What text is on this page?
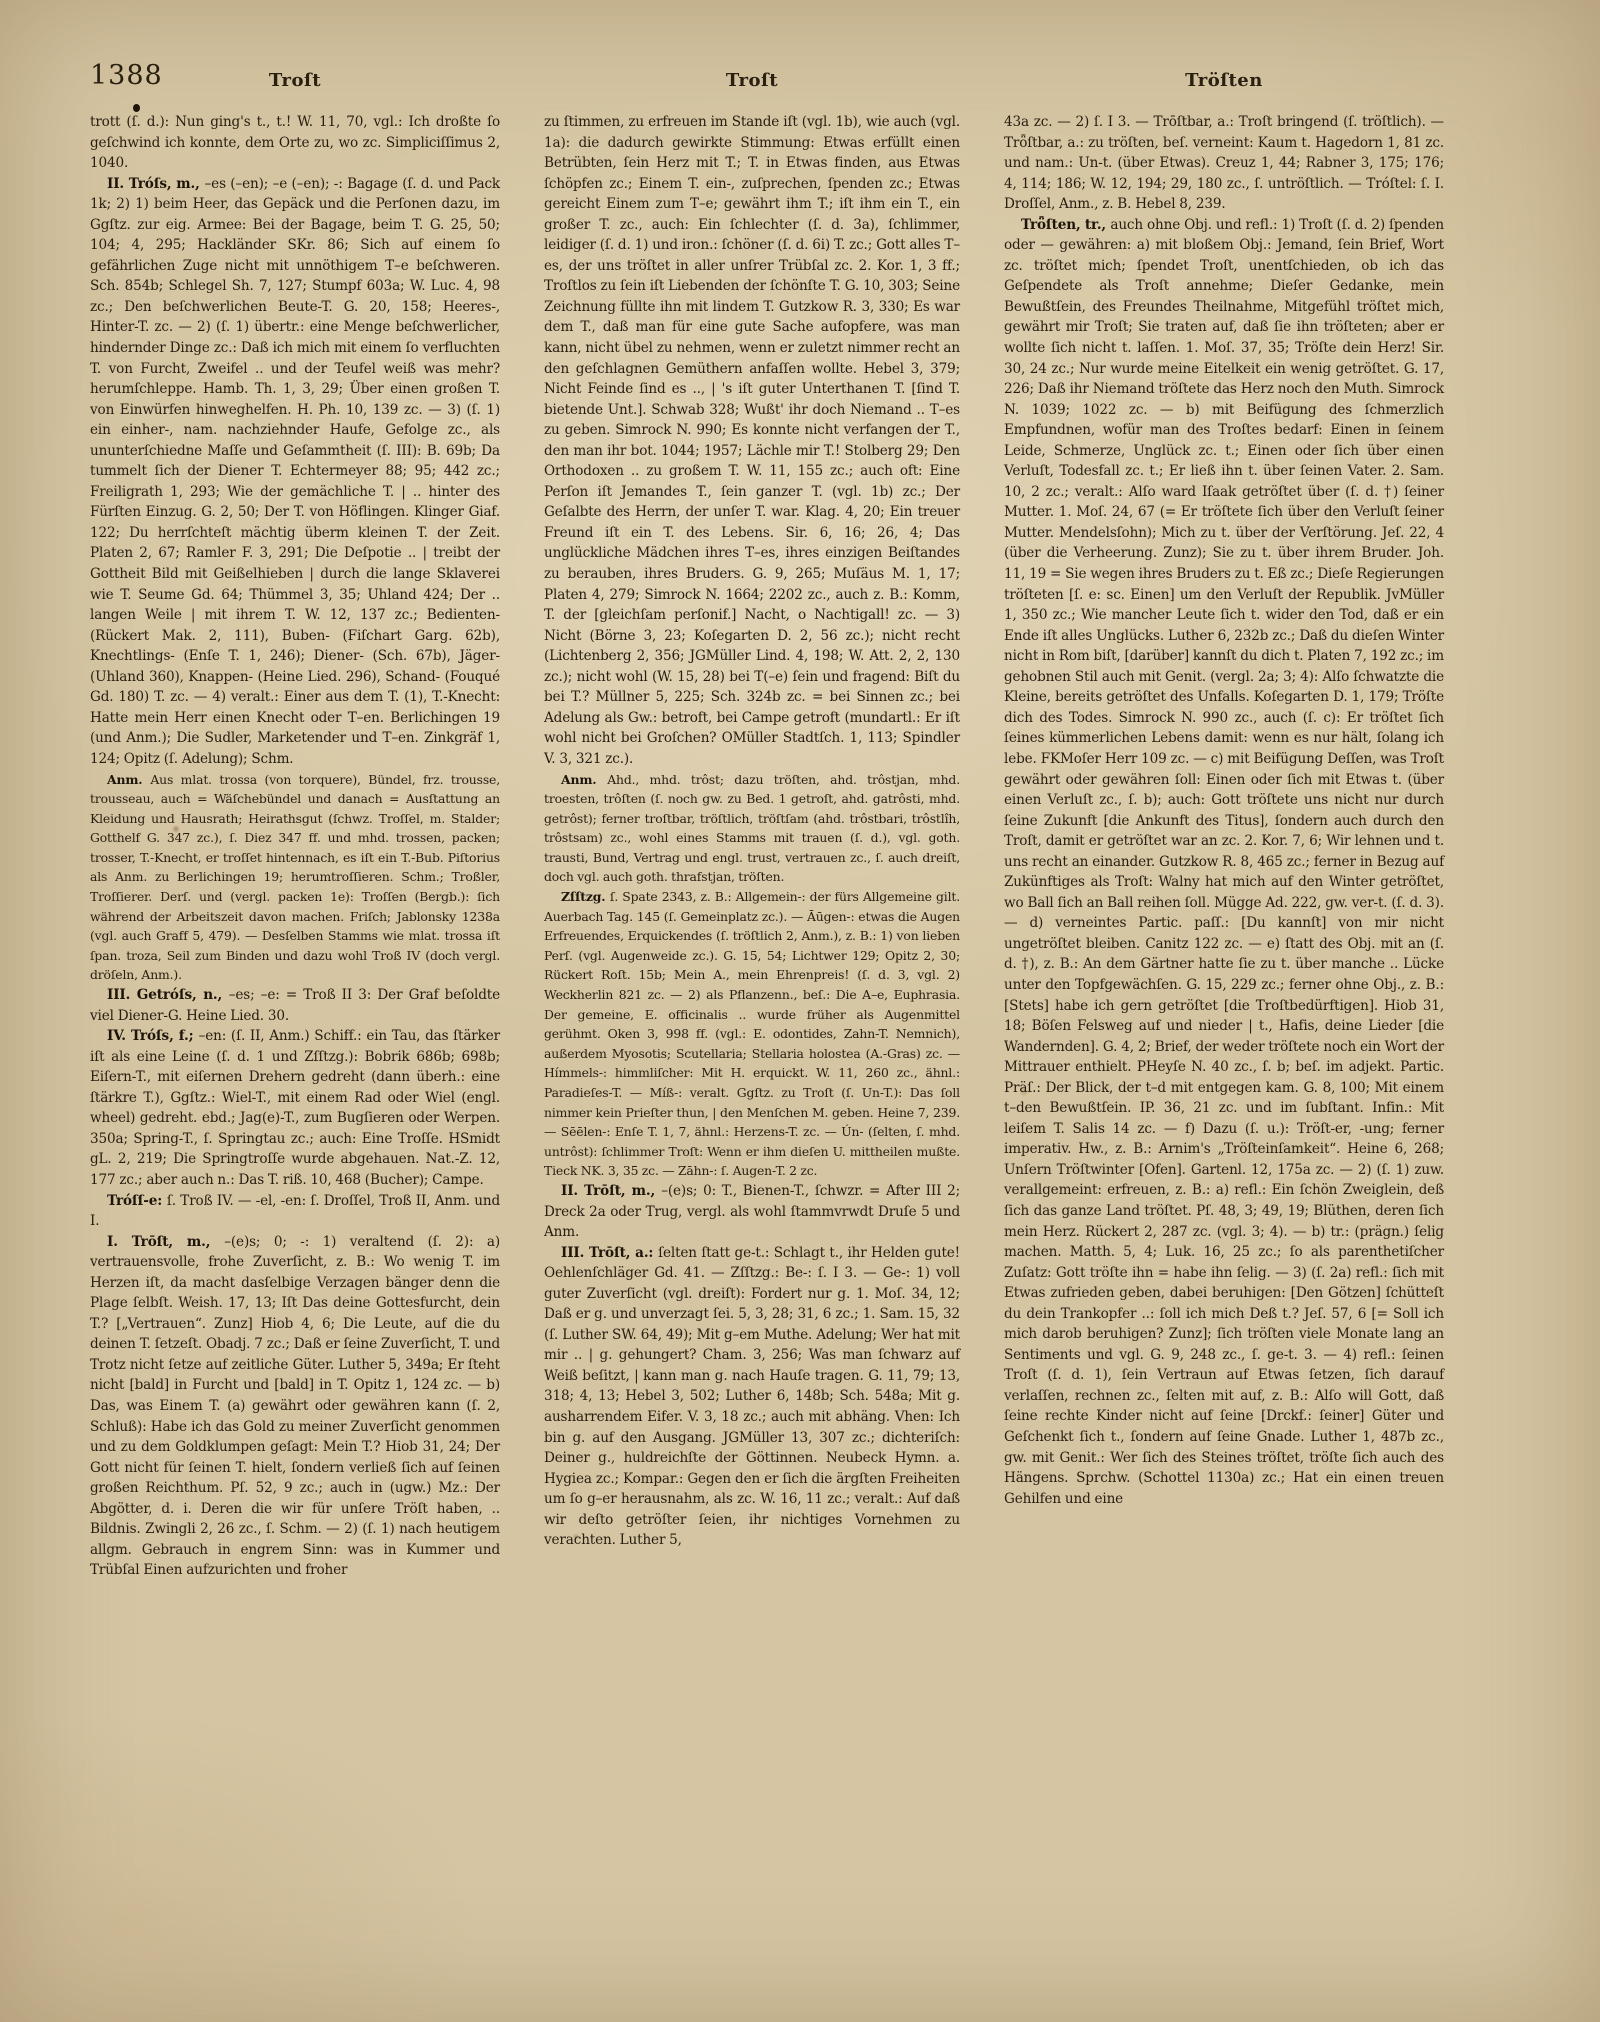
1388	Troſt	Troſt	Tröſten

trott (ſ. d.): Nun ging's t., t.! W. 11, 70, vgl.: Ich droßte ſo geſchwind ich konnte, dem Orte zu, wo zc. Simpliciſſimus 2, 1040.

II. Tróſs, m., –es (–en); –e (–en); -: Bagage (ſ. d. und Pack 1k; 2) 1) beim Heer, das Gepäck und die Perſonen dazu, im Ggſtz. zur eig. Armee: Bei der Bagage, beim T. G. 25, 50; 104; 4, 295; Hackländer SKr. 86; Sich auf einem ſo gefährlichen Zuge nicht mit unnöthigem T–e beſchweren. Sch. 854b; Schlegel Sh. 7, 127; Stumpf 603a; W. Luc. 4, 98 zc.; Den beſchwerlichen Beute-T. G. 20, 158; Heeres-, Hinter-T. zc. — 2) (ſ. 1) übertr.: eine Menge beſchwerlicher, hindernder Dinge zc.: Daß ich mich mit einem ſo verfluchten T. von Furcht, Zweifel .. und der Teufel weiß was mehr? herumſchleppe. Hamb. Th. 1, 3, 29; Über einen großen T. von Einwürfen hinweghelfen. H. Ph. 10, 139 zc. — 3) (ſ. 1) ein einher-, nam. nachziehnder Haufe, Gefolge zc., als ununterſchiedne Maſſe und Geſammtheit (ſ. III): B. 69b; Da tummelt ſich der Diener T. Echtermeyer 88; 95; 442 zc.; Freiligrath 1, 293; Wie der gemächliche T. | .. hinter des Fürſten Einzug. G. 2, 50; Der T. von Höflingen. Klinger Giaf. 122; Du herrſchteſt mächtig überm kleinen T. der Zeit. Platen 2, 67; Ramler F. 3, 291; Die Deſpotie .. | treibt der Gottheit Bild mit Geißelhieben | durch die lange Sklaverei wie T. Seume Gd. 64; Thümmel 3, 35; Uhland 424; Der .. langen Weile | mit ihrem T. W. 12, 137 zc.; Bedienten- (Rückert Mak. 2, 111), Buben- (Fiſchart Garg. 62b), Knechtlings- (Enſe T. 1, 246); Diener- (Sch. 67b), Jäger- (Uhland 360), Knappen- (Heine Lied. 296), Schand- (Fouqué Gd. 180) T. zc. — 4) veralt.: Einer aus dem T. (1), T.-Knecht: Hatte mein Herr einen Knecht oder T–en. Berlichingen 19 (und Anm.); Die Sudler, Marketender und T–en. Zinkgräf 1, 124; Opitz (ſ. Adelung); Schm.

Anm. Aus mlat. trossa (von torquere), Bündel, frz. trousse, trousseau, auch = Wäſchebündel und danach = Ausſtattung an Kleidung und Hausrath; Heirathsgut (ſchwz. Troſſel, m. Stalder; Gotthelf G. 347 zc.), ſ. Diez 347 ff. und mhd. trossen, packen; trosser, T.-Knecht, er troſſet hintennach, es iſt ein T.-Bub. Piſtorius als Anm. zu Berlichingen 19; herumtroſſieren. Schm.; Troßler, Troſſierer. Derſ. und (vergl. packen 1e): Troſſen (Bergb.): ſich während der Arbeitszeit davon machen. Friſch; Jablonsky 1238a (vgl. auch Graff 5, 479). — Desſelben Stamms wie mlat. trossa iſt ſpan. troza, Seil zum Binden und dazu wohl Troß IV (doch vergl. dröſeln, Anm.).

III. Getróſs, n., –es; –e: = Troß II 3: Der Graf beſoldte viel Diener-G. Heine Lied. 30.

IV. Tróſs, f.; –en: (ſ. II, Anm.) Schiff.: ein Tau, das ſtärker iſt als eine Leine (ſ. d. 1 und Zſſtzg.): Bobrik 686b; 698b; Eiſern-T., mit eiſernen Drehern gedreht (dann überh.: eine ſtärkre T.), Ggſtz.: Wiel-T., mit einem Rad oder Wiel (engl. wheel) gedreht. ebd.; Jag(e)-T., zum Bugſieren oder Werpen. 350a; Spring-T., ſ. Springtau zc.; auch: Eine Troſſe. HSmidt gL. 2, 219; Die Springtroſſe wurde abgehauen. Nat.-Z. 12, 177 zc.; aber auch n.: Das T. riß. 10, 468 (Bucher); Campe.

Tróſſ-e: ſ. Troß IV. — -el, -en: ſ. Droſſel, Troß II, Anm. und I.

I. Trōſt, m., –(e)s; 0; -: 1) veraltend (ſ. 2): a) vertrauensvolle, frohe Zuverſicht, z. B.: Wo wenig T. im Herzen iſt, da macht dasſelbige Verzagen bänger denn die Plage ſelbſt. Weish. 17, 13; Iſt Das deine Gottesfurcht, dein T.? [„Vertrauen“. Zunz] Hiob 4, 6; Die Leute, auf die du deinen T. ſetzeſt. Obadj. 7 zc.; Daß er ſeine Zuverſicht, T. und Trotz nicht ſetze auf zeitliche Güter. Luther 5, 349a; Er ſteht nicht [bald] in Furcht und [bald] in T. Opitz 1, 124 zc. — b) Das, was Einem T. (a) gewährt oder gewähren kann (ſ. 2, Schluß): Habe ich das Gold zu meiner Zuverſicht genommen und zu dem Goldklumpen geſagt: Mein T.? Hiob 31, 24; Der Gott nicht für ſeinen T. hielt, ſondern verließ ſich auf ſeinen großen Reichthum. Pſ. 52, 9 zc.; auch in (ugw.) Mz.: Der Abgötter, d. i. Deren die wir für unſere Tröſt haben, .. Bildnis. Zwingli 2, 26 zc., ſ. Schm. — 2) (ſ. 1) nach heutigem allgm. Gebrauch in engrem Sinn: was in Kummer und Trübſal Einen aufzurichten und froher

zu ſtimmen, zu erfreuen im Stande iſt (vgl. 1b), wie auch (vgl. 1a): die dadurch gewirkte Stimmung: Etwas erfüllt einen Betrübten, ſein Herz mit T.; T. in Etwas finden, aus Etwas ſchöpfen zc.; Einem T. ein-, zuſprechen, ſpenden zc.; Etwas gereicht Einem zum T–e; gewährt ihm T.; iſt ihm ein T., ein großer T. zc., auch: Ein ſchlechter (ſ. d. 3a), ſchlimmer, leidiger (ſ. d. 1) und iron.: ſchöner (ſ. d. 6i) T. zc.; Gott alles T–es, der uns tröſtet in aller unſrer Trübſal zc. 2. Kor. 1, 3 ff.; Troſtlos zu ſein iſt Liebenden der ſchönſte T. G. 10, 303; Seine Zeichnung füllte ihn mit lindem T. Gutzkow R. 3, 330; Es war dem T., daß man für eine gute Sache aufopfere, was man kann, nicht übel zu nehmen, wenn er zuletzt nimmer recht an den geſchlagnen Gemüthern anfaſſen wollte. Hebel 3, 379; Nicht Feinde ſind es .., | 's iſt guter Unterthanen T. [ſind T. bietende Unt.]. Schwab 328; Wußt' ihr doch Niemand .. T–es zu geben. Simrock N. 990; Es konnte nicht verfangen der T., den man ihr bot. 1044; 1957; Lächle mir T.! Stolberg 29; Den Orthodoxen .. zu großem T. W. 11, 155 zc.; auch oft: Eine Perſon iſt Jemandes T., ſein ganzer T. (vgl. 1b) zc.; Der Geſalbte des Herrn, der unſer T. war. Klag. 4, 20; Ein treuer Freund iſt ein T. des Lebens. Sir. 6, 16; 26, 4; Das unglückliche Mädchen ihres T–es, ihres einzigen Beiſtandes zu berauben, ihres Bruders. G. 9, 265; Muſäus M. 1, 17; Platen 4, 279; Simrock N. 1664; 2202 zc., auch z. B.: Komm, T. der [gleichſam perſonif.] Nacht, o Nachtigall! zc. — 3) Nicht (Börne 3, 23; Koſegarten D. 2, 56 zc.); nicht recht (Lichtenberg 2, 356; JGMüller Lind. 4, 198; W. Att. 2, 2, 130 zc.); nicht wohl (W. 15, 28) bei T(–e) ſein und fragend: Biſt du bei T.? Müllner 5, 225; Sch. 324b zc. = bei Sinnen zc.; bei Adelung als Gw.: betroft, bei Campe getroft (mundartl.: Er iſt wohl nicht bei Groſchen? OMüller Stadtſch. 1, 113; Spindler V. 3, 321 zc.).

Anm. Ahd., mhd. trôst; dazu tröſten, ahd. trôstjan, mhd. troesten, trôſten (ſ. noch gw. zu Bed. 1 getroſt, ahd. gatrôsti, mhd. getrôst); ferner troſtbar, tröſtlich, tröſtſam (ahd. trôstbari, trôstlîh, trôstsam) zc., wohl eines Stamms mit trauen (ſ. d.), vgl. goth. trausti, Bund, Vertrag und engl. trust, vertrauen zc., ſ. auch dreiſt, doch vgl. auch goth. thrafstjan, tröſten.

Zſſtzg. ſ. Spate 2343, z. B.: Allgemein-: der fürs Allgemeine gilt. Auerbach Tag. 145 (ſ. Gemeinplatz zc.). — Āūgen-: etwas die Augen Erfreuendes, Erquickendes (ſ. tröſtlich 2, Anm.), z. B.: 1) von lieben Perſ. (vgl. Augenweide zc.). G. 15, 54; Lichtwer 129; Opitz 2, 30; Rückert Roſt. 15b; Mein A., mein Ehrenpreis! (ſ. d. 3, vgl. 2) Weckherlin 821 zc. — 2) als Pflanzenn., beſ.: Die A–e, Euphrasia. Der gemeine, E. officinalis .. wurde früher als Augenmittel gerühmt. Oken 3, 998 ff. (vgl.: E. odontides, Zahn-T. Nemnich), außerdem Myosotis; Scutellaria; Stellaria holostea (A.-Gras) zc. — Hímmels-: himmliſcher: Mit H. erquickt. W. 11, 260 zc., ähnl.: Paradieſes-T. — Míß-: veralt. Ggſtz. zu Troſt (ſ. Un-T.): Das ſoll nimmer kein Prieſter thun, | den Menſchen M. geben. Heine 7, 239. — Sēēlen-: Enſe T. 1, 7, ähnl.: Herzens-T. zc. — Ún- (ſelten, ſ. mhd. untrôst): ſchlimmer Troſt: Wenn er ihm dieſen U. mittheilen mußte. Tieck NK. 3, 35 zc. — Zāhn-: ſ. Augen-T. 2 zc.

II. Trōſt, m., –(e)s; 0: T., Bienen-T., ſchwzr. = After III 2; Dreck 2a oder Trug, vergl. als wohl ſtammvrwdt Druſe 5 und Anm.

III. Trōſt, a.: ſelten ſtatt ge-t.: Schlagt t., ihr Helden gute! Oehlenſchläger Gd. 41. — Zſſtzg.: Be-: ſ. I 3. — Ge-: 1) voll guter Zuverſicht (vgl. dreiſt): Fordert nur g. 1. Moſ. 34, 12; Daß er g. und unverzagt ſei. 5, 3, 28; 31, 6 zc.; 1. Sam. 15, 32 (ſ. Luther SW. 64, 49); Mit g–em Muthe. Adelung; Wer hat mit mir .. | g. gehungert? Cham. 3, 256; Was man ſchwarz auf Weiß beſitzt, | kann man g. nach Hauſe tragen. G. 11, 79; 13, 318; 4, 13; Hebel 3, 502; Luther 6, 148b; Sch. 548a; Mit g. ausharrendem Eifer. V. 3, 18 zc.; auch mit abhäng. Vhen: Ich bin g. auf den Ausgang. JGMüller 13, 307 zc.; dichteriſch: Deiner g., huldreichſte der Göttinnen. Neubeck Hymn. a. Hygiea zc.; Kompar.: Gegen den er ſich die ärgſten Freiheiten um ſo g–er herausnahm, als zc. W. 16, 11 zc.; veralt.: Auf daß wir deſto getröſter ſeien, ihr nichtiges Vornehmen zu verachten. Luther 5,

43a zc. — 2) ſ. I 3. — Trōſtbar, a.: Troſt bringend (ſ. tröſtlich). — Trȫſtbar, a.: zu tröſten, beſ. verneint: Kaum t. Hagedorn 1, 81 zc. und nam.: Un-t. (über Etwas). Creuz 1, 44; Rabner 3, 175; 176; 4, 114; 186; W. 12, 194; 29, 180 zc., ſ. untröſtlich. — Tróſtel: ſ. I. Droſſel, Anm., z. B. Hebel 8, 239.

Trȫſten, tr., auch ohne Obj. und refl.: 1) Troſt (ſ. d. 2) ſpenden oder — gewähren: a) mit bloßem Obj.: Jemand, ſein Brief, Wort zc. tröſtet mich; ſpendet Troſt, unentſchieden, ob ich das Geſpendete als Troſt annehme; Dieſer Gedanke, mein Bewußtſein, des Freundes Theilnahme, Mitgefühl tröſtet mich, gewährt mir Troſt; Sie traten auf, daß ſie ihn tröſteten; aber er wollte ſich nicht t. laſſen. 1. Moſ. 37, 35; Tröſte dein Herz! Sir. 30, 24 zc.; Nur wurde meine Eitelkeit ein wenig getröſtet. G. 17, 226; Daß ihr Niemand tröſtete das Herz noch den Muth. Simrock N. 1039; 1022 zc. — b) mit Beifügung des ſchmerzlich Empfundnen, wofür man des Troſtes bedarf: Einen in ſeinem Leide, Schmerze, Unglück zc. t.; Einen oder ſich über einen Verluſt, Todesfall zc. t.; Er ließ ihn t. über ſeinen Vater. 2. Sam. 10, 2 zc.; veralt.: Alſo ward Iſaak getröſtet über (ſ. d. †) ſeiner Mutter. 1. Moſ. 24, 67 (= Er tröſtete ſich über den Verluſt ſeiner Mutter. Mendelsſohn); Mich zu t. über der Verſtörung. Jeſ. 22, 4 (über die Verheerung. Zunz); Sie zu t. über ihrem Bruder. Joh. 11, 19 = Sie wegen ihres Bruders zu t. Eß zc.; Dieſe Regierungen tröſteten [ſ. e: sc. Einen] um den Verluſt der Republik. JvMüller 1, 350 zc.; Wie mancher Leute ſich t. wider den Tod, daß er ein Ende iſt alles Unglücks. Luther 6, 232b zc.; Daß du dieſen Winter nicht in Rom biſt, [darüber] kannſt du dich t. Platen 7, 192 zc.; im gehobnen Stil auch mit Genit. (vergl. 2a; 3; 4): Alſo ſchwatzte die Kleine, bereits getröſtet des Unfalls. Koſegarten D. 1, 179; Tröſte dich des Todes. Simrock N. 990 zc., auch (ſ. c): Er tröſtet ſich ſeines kümmerlichen Lebens damit: wenn es nur hält, ſolang ich lebe. FKMoſer Herr 109 zc. — c) mit Beifügung Deſſen, was Troſt gewährt oder gewähren ſoll: Einen oder ſich mit Etwas t. (über einen Verluſt zc., ſ. b); auch: Gott tröſtete uns nicht nur durch ſeine Zukunft [die Ankunft des Titus], ſondern auch durch den Troſt, damit er getröſtet war an zc. 2. Kor. 7, 6; Wir lehnen und t. uns recht an einander. Gutzkow R. 8, 465 zc.; ferner in Bezug auf Zukünftiges als Troſt: Walny hat mich auf den Winter getröſtet, wo Ball ſich an Ball reihen ſoll. Mügge Ad. 222, gw. ver-t. (ſ. d. 3). — d) verneintes Partic. paſſ.: [Du kannſt] von mir nicht ungetröſtet bleiben. Canitz 122 zc. — e) ſtatt des Obj. mit an (ſ. d. †), z. B.: An dem Gärtner hatte ſie zu t. über manche .. Lücke unter den Topfgewächſen. G. 15, 229 zc.; ferner ohne Obj., z. B.: [Stets] habe ich gern getröſtet [die Troſtbedürftigen]. Hiob 31, 18; Böſen Felsweg auf und nieder | t., Hafis, deine Lieder [die Wandernden]. G. 4, 2; Brief, der weder tröſtete noch ein Wort der Mittrauer enthielt. PHeyſe N. 40 zc., ſ. b; beſ. im adjekt. Partic. Präſ.: Der Blick, der t–d mit entgegen kam. G. 8, 100; Mit einem t–den Bewußtſein. IP. 36, 21 zc. und im ſubſtant. Infin.: Mit leiſem T. Salis 14 zc. — f) Dazu (ſ. u.): Tröſt-er, -ung; ferner imperativ. Hw., z. B.: Arnim's „Tröſteinſamkeit“. Heine 6, 268; Unſern Tröſtwinter [Ofen]. Gartenl. 12, 175a zc. — 2) (ſ. 1) zuw. verallgemeint: erfreuen, z. B.: a) refl.: Ein ſchön Zweiglein, deß ſich das ganze Land tröſtet. Pſ. 48, 3; 49, 19; Blüthen, deren ſich mein Herz. Rückert 2, 287 zc. (vgl. 3; 4). — b) tr.: (prägn.) ſelig machen. Matth. 5, 4; Luk. 16, 25 zc.; ſo als parenthetiſcher Zuſatz: Gott tröſte ihn = habe ihn ſelig. — 3) (ſ. 2a) refl.: ſich mit Etwas zufrieden geben, dabei beruhigen: [Den Götzen] ſchütteſt du dein Trankopfer ..: ſoll ich mich Deß t.? Jeſ. 57, 6 [= Soll ich mich darob beruhigen? Zunz]; ſich tröſten viele Monate lang an Sentiments und vgl. G. 9, 248 zc., ſ. ge-t. 3. — 4) refl.: ſeinen Troſt (ſ. d. 1), ſein Vertraun auf Etwas ſetzen, ſich darauf verlaſſen, rechnen zc., ſelten mit auf, z. B.: Alſo will Gott, daß ſeine rechte Kinder nicht auf ſeine [Drckf.: ſeiner] Güter und Geſchenkt ſich t., ſondern auf ſeine Gnade. Luther 1, 487b zc., gw. mit Genit.: Wer ſich des Steines tröſtet, tröſte ſich auch des Hängens. Sprchw. (Schottel 1130a) zc.; Hat ein einen treuen Gehilfen und eine
